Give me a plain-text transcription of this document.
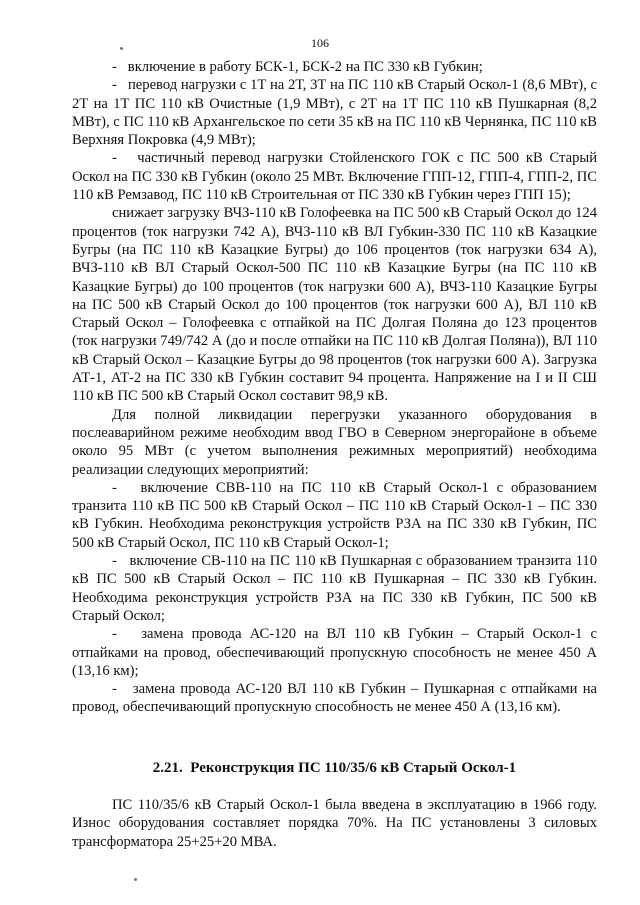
106

-   включение в работу БСК-1, БСК-2 на ПС 330 кВ Губкин;

-   перевод нагрузки с 1Т на 2Т, 3Т на ПС 110 кВ Старый Оскол-1 (8,6 МВт), с 2Т на 1Т ПС 110 кВ Очистные (1,9 МВт), с 2Т на 1Т ПС 110 кВ Пушкарная (8,2 МВт), с ПС 110 кВ Архангельское по сети 35 кВ на ПС 110 кВ Чернянка, ПС 110 кВ Верхняя Покровка (4,9 МВт);

-   частичный перевод нагрузки Стойленского ГОК с ПС 500 кВ Старый Оскол на ПС 330 кВ Губкин (около 25 МВт. Включение ГПП-12, ГПП-4, ГПП-2, ПС 110 кВ Ремзавод, ПС 110 кВ Строительная от ПС 330 кВ Губкин через ГПП 15);

снижает загрузку ВЧЗ-110 кВ Голофеевка на ПС 500 кВ Старый Оскол до 124 процентов (ток нагрузки 742 А), ВЧЗ-110 кВ ВЛ Губкин-330 ПС 110 кВ Казацкие Бугры (на ПС 110 кВ Казацкие Бугры) до 106 процентов (ток нагрузки 634 А), ВЧЗ-110 кВ ВЛ Старый Оскол-500 ПС 110 кВ Казацкие Бугры (на ПС 110 кВ Казацкие Бугры) до 100 процентов (ток нагрузки 600 А), ВЧЗ-110 Казацкие Бугры на ПС 500 кВ Старый Оскол до 100 процентов (ток нагрузки 600 А), ВЛ 110 кВ Старый Оскол – Голофеевка с отпайкой на ПС Долгая Поляна до 123 процентов (ток нагрузки 749/742 А (до и после отпайки на ПС 110 кВ Долгая Поляна)), ВЛ 110 кВ Старый Оскол – Казацкие Бугры до 98 процентов (ток нагрузки 600 А). Загрузка АТ-1, АТ-2 на ПС 330 кВ Губкин составит 94 процента. Напряжение на I и II СШ 110 кВ ПС 500 кВ Старый Оскол составит 98,9 кВ.

Для полной ликвидации перегрузки указанного оборудования в послеаварийном режиме необходим ввод ГВО в Северном энергорайоне в объеме около 95 МВт (с учетом выполнения режимных мероприятий) необходима реализации следующих мероприятий:

-   включение СВВ-110 на ПС 110 кВ Старый Оскол-1 с образованием транзита 110 кВ ПС 500 кВ Старый Оскол – ПС 110 кВ Старый Оскол-1 – ПС 330 кВ Губкин. Необходима реконструкция устройств РЗА на ПС 330 кВ Губкин, ПС 500 кВ Старый Оскол, ПС 110 кВ Старый Оскол-1;

-   включение СВ-110 на ПС 110 кВ Пушкарная с образованием транзита 110 кВ ПС 500 кВ Старый Оскол – ПС 110 кВ Пушкарная – ПС 330 кВ Губкин. Необходима реконструкция устройств РЗА на ПС 330 кВ Губкин, ПС 500 кВ Старый Оскол;

-   замена провода АС-120 на ВЛ 110 кВ Губкин – Старый Оскол-1 с отпайками на провод, обеспечивающий пропускную способность не менее 450 А (13,16 км);

-   замена провода АС-120 ВЛ 110 кВ Губкин – Пушкарная с отпайками на провод, обеспечивающий пропускную способность не менее 450 А (13,16 км).

2.21.  Реконструкция ПС 110/35/6 кВ Старый Оскол-1

ПС 110/35/6 кВ Старый Оскол-1 была введена в эксплуатацию в 1966 году. Износ оборудования составляет порядка 70%. На ПС установлены 3 силовых трансформатора 25+25+20 МВА.
